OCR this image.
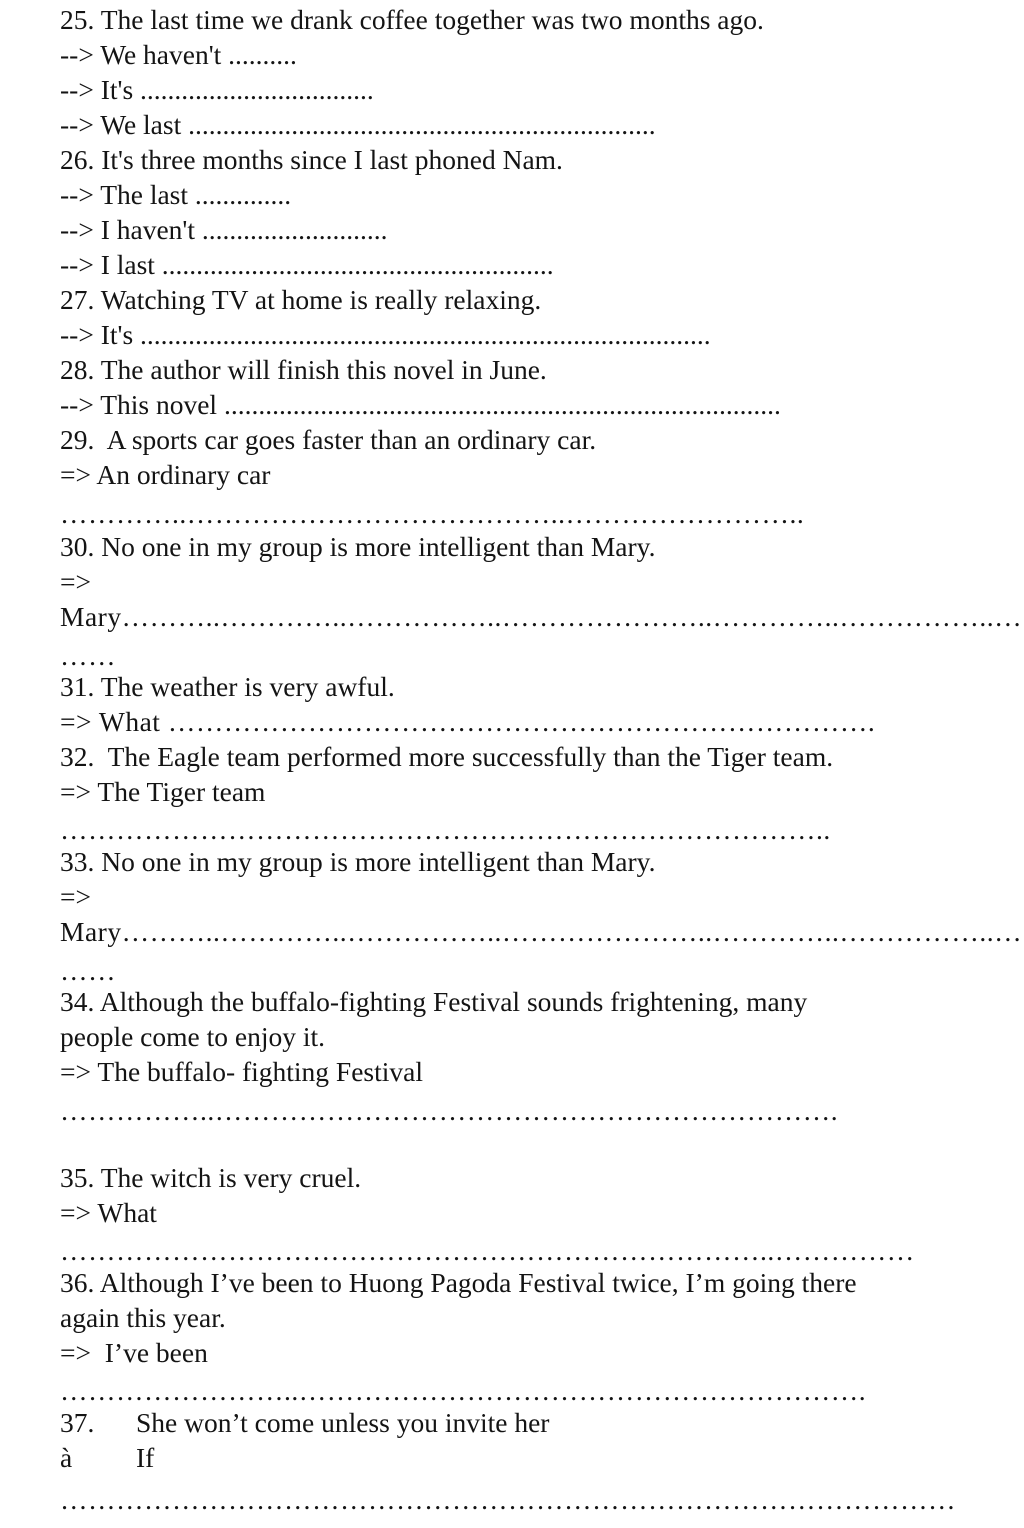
25. The last time we drank coffee together was two months ago.

--> We haven't ..........

--> It's ..................................

--> We last ....................................................................

26. It's three months since I last phoned Nam.

--> The last ..............

--> I haven't ...........................

--> I last .........................................................

27. Watching TV at home is really relaxing.

--> It's ...................................................................................

28. The author will finish this novel in June.

--> This novel .................................................................................

29.  A sports car goes faster than an ordinary car.

=> An ordinary car

…………..…………………………………..……………………..

30. No one in my group is more intelligent than Mary.

=>

Mary………..…………..……………..…………………..…………..……………..…

……

31. The weather is very awful.

=> What ………………………………………………………………….

32.  The Eagle team performed more successfully than the Tiger team.

=> The Tiger team

………………………………………………………………………..

33. No one in my group is more intelligent than Mary.

=>

Mary………..…………..……………..…………………..…………..……………..…

……

34. Although the buffalo-fighting Festival sounds frightening, many

people come to enjoy it.

=> The buffalo- fighting Festival

……………..………………………………………………………….

35. The witch is very cruel.

=> What

…………………………………………………………………..……………

36. Although I’ve been to Huong Pagoda Festival twice, I’m going there

again this year.

=>  I’ve been

……………………..…………………………………………………….

37. She won’t come unless you invite her
à If

……………………………………………………………………………………
